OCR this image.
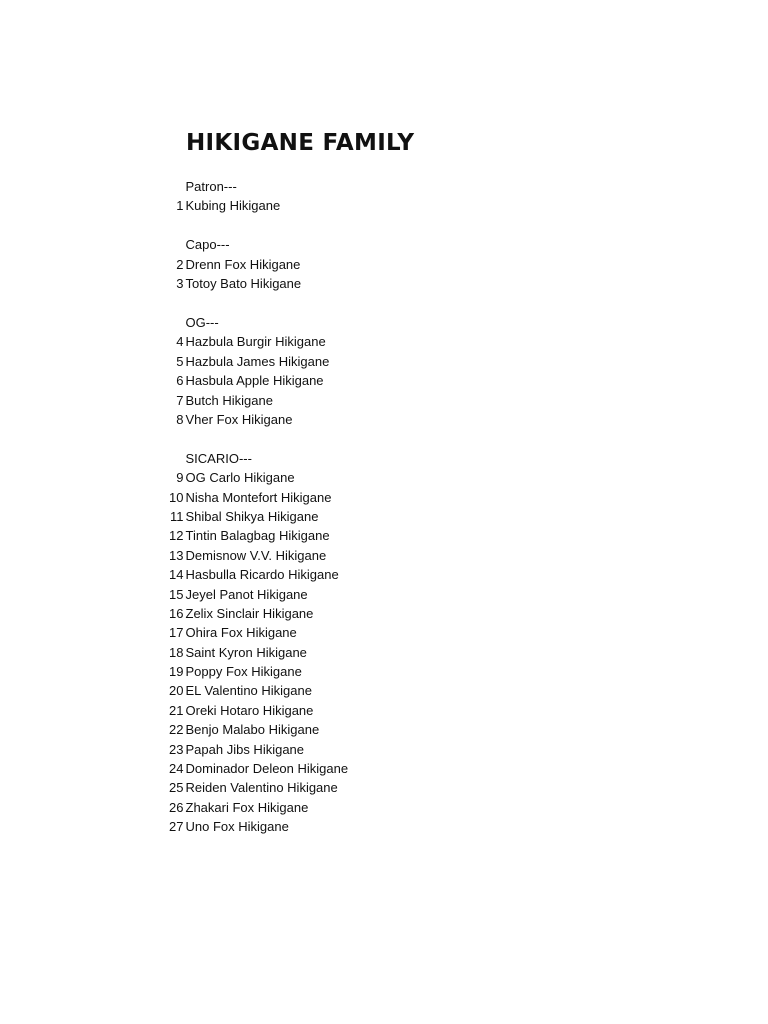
HIKIGANE FAMILY
Patron---
1 Kubing Hikigane
Capo---
2 Drenn Fox Hikigane
3 Totoy Bato Hikigane
OG---
4 Hazbula Burgir Hikigane
5 Hazbula James Hikigane
6 Hasbula Apple Hikigane
7 Butch Hikigane
8 Vher Fox Hikigane
SICARIO---
9 OG Carlo Hikigane
10 Nisha Montefort Hikigane
11 Shibal Shikya Hikigane
12 Tintin Balagbag Hikigane
13 Demisnow V.V. Hikigane
14 Hasbulla Ricardo Hikigane
15 Jeyel Panot Hikigane
16 Zelix Sinclair Hikigane
17 Ohira Fox Hikigane
18 Saint Kyron Hikigane
19 Poppy Fox Hikigane
20 EL Valentino Hikigane
21 Oreki Hotaro Hikigane
22 Benjo Malabo Hikigane
23 Papah Jibs Hikigane
24 Dominador Deleon Hikigane
25 Reiden Valentino Hikigane
26 Zhakari Fox Hikigane
27 Uno Fox Hikigane
